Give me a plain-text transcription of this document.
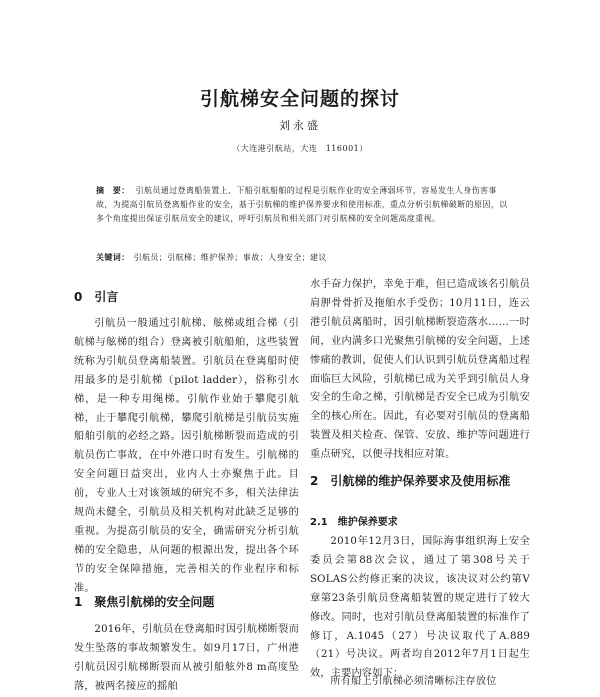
引航梯安全问题的探讨
刘永盛
（大连港引航站，大连　116001）
摘　要： 引航员通过登离船装置上、下船引航船舶的过程是引航作业的安全薄弱环节，容易发生人身伤害事故，为提高引航员登离船作业的安全，基于引航梯的维护保养要求和使用标准，重点分析引航梯破断的原因，以多个角度提出保证引航员安全的建议，呼吁引航员和相关部门对引航梯的安全问题高度重视。
关键词： 引航员；引航梯；维护保养；事故；人身安全；建议
0　引言
引航员一般通过引航梯、舷梯或组合梯（引航梯与舷梯的组合）登离被引航船舶，这些装置统称为引航员登离船装置。引航员在登离船时使用最多的是引航梯（pilot ladder），俗称引水梯，是一种专用绳梯。引航作业始于攀爬引航梯，止于攀爬引航梯，攀爬引航梯是引航员实施船舶引航的必经之路。因引航梯断裂而造成的引航员伤亡事故，在中外港口时有发生。引航梯的安全问题日益突出，业内人士亦聚焦于此。目前，专业人士对该领域的研究不多，相关法律法规尚未健全，引航员及相关机构对此缺乏足够的重视。为提高引航员的安全，确需研究分析引航梯的安全隐患，从问题的根源出发，提出各个环节的安全保障措施，完善相关的作业程序和标准。
1　聚焦引航梯的安全问题
2016年，引航员在登离船时因引航梯断裂而发生坠落的事故频繁发生。如9月17日，广州港引航员因引航梯断裂而从被引船舷外8 m高度坠落，被两名接应的摇舶
水手奋力保护，幸免于难，但已造成该名引航员肩胛骨骨折及拖舶水手受伤；10月11日，连云港引航员离船时，因引航梯断裂造落水……一时间，业内满多口光聚焦引航梯的安全问题，上述惨痛的教训，促使人们认识到引航员登离船过程面临巨大风险，引航梯已成为关乎到引航员人身安全的生命之梯，引航梯是否安全已成为引航安全的核心所在。因此，有必要对引航员的登离船装置及相关检查、保管、安放、维护等问题进行重点研究，以便寻找相应对策。
2　引航梯的维护保养要求及使用标准
2.1　维护保养要求
2010年12月3日，国际海事组织海上安全委员会第88次会议，通过了第308号关于SOLAS公约修正案的决议，该决议对公约第Ⅴ章第23条引航员登离船装置的规定进行了较大修改。同时，也对引航员登离船装置的标准作了修订，A.1045（27）号决议取代了A.889（21）号决议。两者均自2012年7月1日起生效，主要内容如下：
所有船上引航梯必须清晰标注存放位
